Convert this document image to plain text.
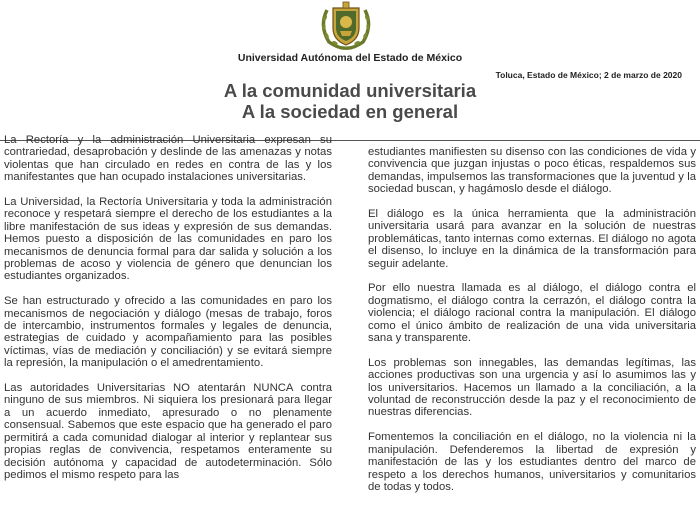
Universidad Autónoma del Estado de México
Toluca, Estado de México; 2 de marzo de 2020
A la comunidad universitaria
A la sociedad en general

La Rectoría y la administración Universitaria expresan su contrariedad, desaprobación y deslinde de las amenazas y notas violentas que han circulado en redes en contra de las y los manifestantes que han ocupado instalaciones universitarias.

La Universidad, la Rectoría Universitaria y toda la administración reconoce y respetará siempre el derecho de los estudiantes a la libre manifestación de sus ideas y expresión de sus demandas. Hemos puesto a disposición de las comunidades en paro los mecanismos de denuncia formal para dar salida y solución a los problemas de acoso y violencia de género que denuncian los estudiantes organizados.

Se han estructurado y ofrecido a las comunidades en paro los mecanismos de negociación y diálogo (mesas de trabajo, foros de intercambio, instrumentos formales y legales de denuncia, estrategias de cuidado y acompañamiento para las posibles víctimas, vías de mediación y conciliación) y se evitará siempre la represión, la manipulación o el amedrentamiento.

Las autoridades Universitarias NO atentarán NUNCA contra ninguno de sus miembros. Ni siquiera los presionará para llegar a un acuerdo inmediato, apresurado o no plenamente consensual. Sabemos que este espacio que ha generado el paro permitirá a cada comunidad dialogar al interior y replantear sus propias reglas de convivencia, respetamos enteramente su decisión autónoma y capacidad de autodeterminación. Sólo pedimos el mismo respeto para las

estudiantes manifiesten su disenso con las condiciones de vida y convivencia que juzgan injustas o poco éticas, respaldemos sus demandas, impulsemos las transformaciones que la juventud y la sociedad buscan, y hagámoslo desde el diálogo.

El diálogo es la única herramienta que la administración universitaria usará para avanzar en la solución de nuestras problemáticas, tanto internas como externas. El diálogo no agota el disenso, lo incluye en la dinámica de la transformación para seguir adelante.

Por ello nuestra llamada es al diálogo, el diálogo contra el dogmatismo, el diálogo contra la cerrazón, el diálogo contra la violencia; el diálogo racional contra la manipulación. El diálogo como el único ámbito de realización de una vida universitaria sana y transparente.

Los problemas son innegables, las demandas legítimas, las acciones productivas son una urgencia y así lo asumimos las y los universitarios. Hacemos un llamado a la conciliación, a la voluntad de reconstrucción desde la paz y el reconocimiento de nuestras diferencias.

Fomentemos la conciliación en el diálogo, no la violencia ni la manipulación. Defenderemos la libertad de expresión y manifestación de las y los estudiantes dentro del marco de respeto a los derechos humanos, universitarios y comunitarios de todas y todos.
